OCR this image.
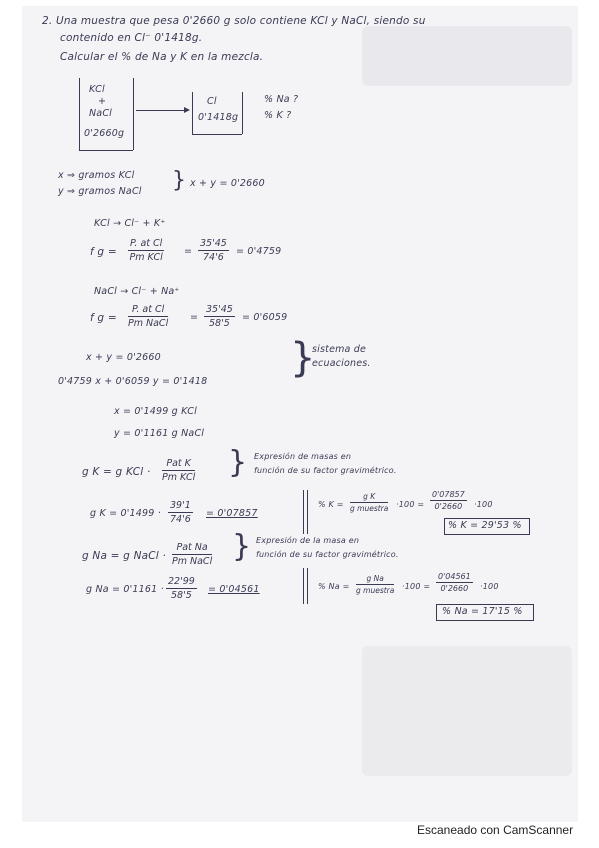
2. Una muestra que pesa 0'2660 g solo contiene KCl y NaCl, siendo su
contenido en Cl⁻ 0'1418g.
Calcular el % de Na y K en la mezcla.
KCl
+
NaCl
0'2660g
Cl
0'1418g
% Na ?
% K ?
x ⇒ gramos KCl
y ⇒ gramos NaCl } x + y = 0'2660
KCl → Cl⁻ + K⁺
f g =
P. at Cl
Pm KCl
= $\frac{35'45}{74'6} = 0'4759$
NaCl → Cl⁻ + Na⁺
f g =
P. at Cl
Pm NaCl
= $\frac{35'45}{58'5} = 0'6059$
x + y = 0'2660
0'4759 x + 0'6059 y = 0'1418
}
sistema de
ecuaciones.
x = 0'1499 g KCl
y = 0'1161 g NaCl
g K = g KCl ·
Pat K
Pm KCl } Expresión de masas en
función de su factor gravimétrico.
g $K = 0'1499 \cdot \frac{39'1}{74'6} = 0'07857$
% K =
g K
g muestra $\cdot 100 = \frac{0'07857}{0'2660} \cdot 100$
% K = 29'53 %
g Na = g NaCl ·
Pat Na
Pm NaCl } Expresión de la masa en
función de su factor gravimétrico.
g $Na = 0'1161 \cdot \frac{22'99}{58'5} = 0'04561$	% Na =
g Na
g muestra $\cdot 100 = \frac{0'04561}{0'2660} \cdot 100$
% Na = 17'15 %
Escaneado con CamScanner
